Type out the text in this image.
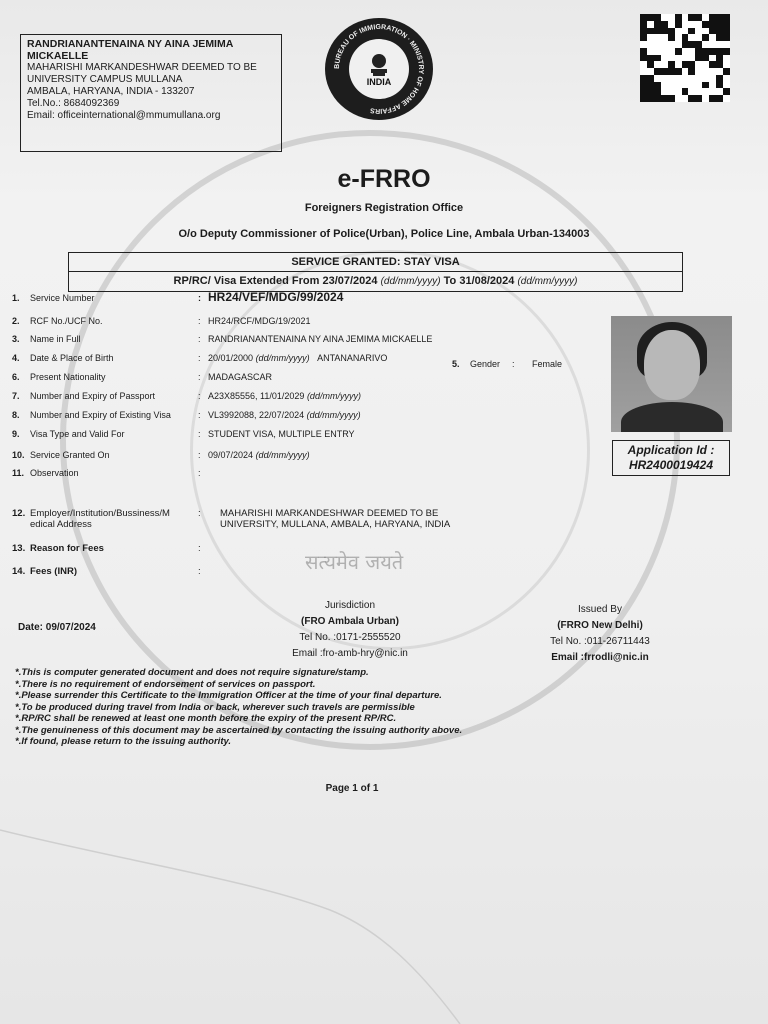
RANDRIANANTENAINA NY AINA JEMIMA MICKAELLE
MAHARISHI MARKANDESHWAR DEEMED TO BE
UNIVERSITY CAMPUS MULLANA
AMBALA, HARYANA, INDIA - 133207
Tel.No.: 8684092369
Email: officeinternational@mmumullana.org
BUREAU OF IMMIGRATION · MINISTRY OF HOME AFFAIRS
INDIA
e-FRRO
Foreigners Registration Office
O/o Deputy Commissioner of Police(Urban), Police Line, Ambala Urban-134003
SERVICE GRANTED: STAY VISA
RP/RC/ Visa Extended From 23/07/2024 (dd/mm/yyyy) To 31/08/2024 (dd/mm/yyyy)
1.	Service Number	: HR24/VEF/MDG/99/2024
2.	RCF No./UCF No.	: HR24/RCF/MDG/19/2021
3.	Name in Full	: RANDRIANANTENAINA NY AINA JEMIMA MICKAELLE
4.	Date & Place of Birth	: 20/01/2000 (dd/mm/yyyy) ANTANANARIVO
5. Gender : Female
6.	Present Nationality	: MADAGASCAR
7.	Number and Expiry of Passport	: A23X85556, 11/01/2029 (dd/mm/yyyy)
8.	Number and Expiry of Existing Visa	: VL3992088, 22/07/2024 (dd/mm/yyyy)
9.	Visa Type and Valid For	: STUDENT VISA, MULTIPLE ENTRY
10. Service Granted On	: 09/07/2024 (dd/mm/yyyy)
11. Observation	:
12. Employer/Institution/Bussiness/M
edical Address
: MAHARISHI MARKANDESHWAR DEEMED TO BE
UNIVERSITY, MULLANA, AMBALA, HARYANA, INDIA
13. Reason for Fees	:
14. Fees (INR)	:
Application Id :
HR2400019424
Date: 09/07/2024
Jurisdiction
(FRO Ambala Urban)
Tel No. :0171-2555520
Email :fro-amb-hry@nic.in
Issued By
(FRRO New Delhi)
Tel No. :011-26711443
Email :frrodli@nic.in
*.This is computer generated document and does not require signature/stamp.
*.There is no requirement of endorsement of services on passport.
*.Please surrender this Certificate to the Immigration Officer at the time of your final departure.
*.To be produced during travel from India or back, wherever such travels are permissible
*.RP/RC shall be renewed at least one month before the expiry of the present RP/RC.
*.The genuineness of this document may be ascertained by contacting the issuing authority above.
*.If found, please return to the issuing authority.
सत्यमेव जयते
Page 1 of 1
